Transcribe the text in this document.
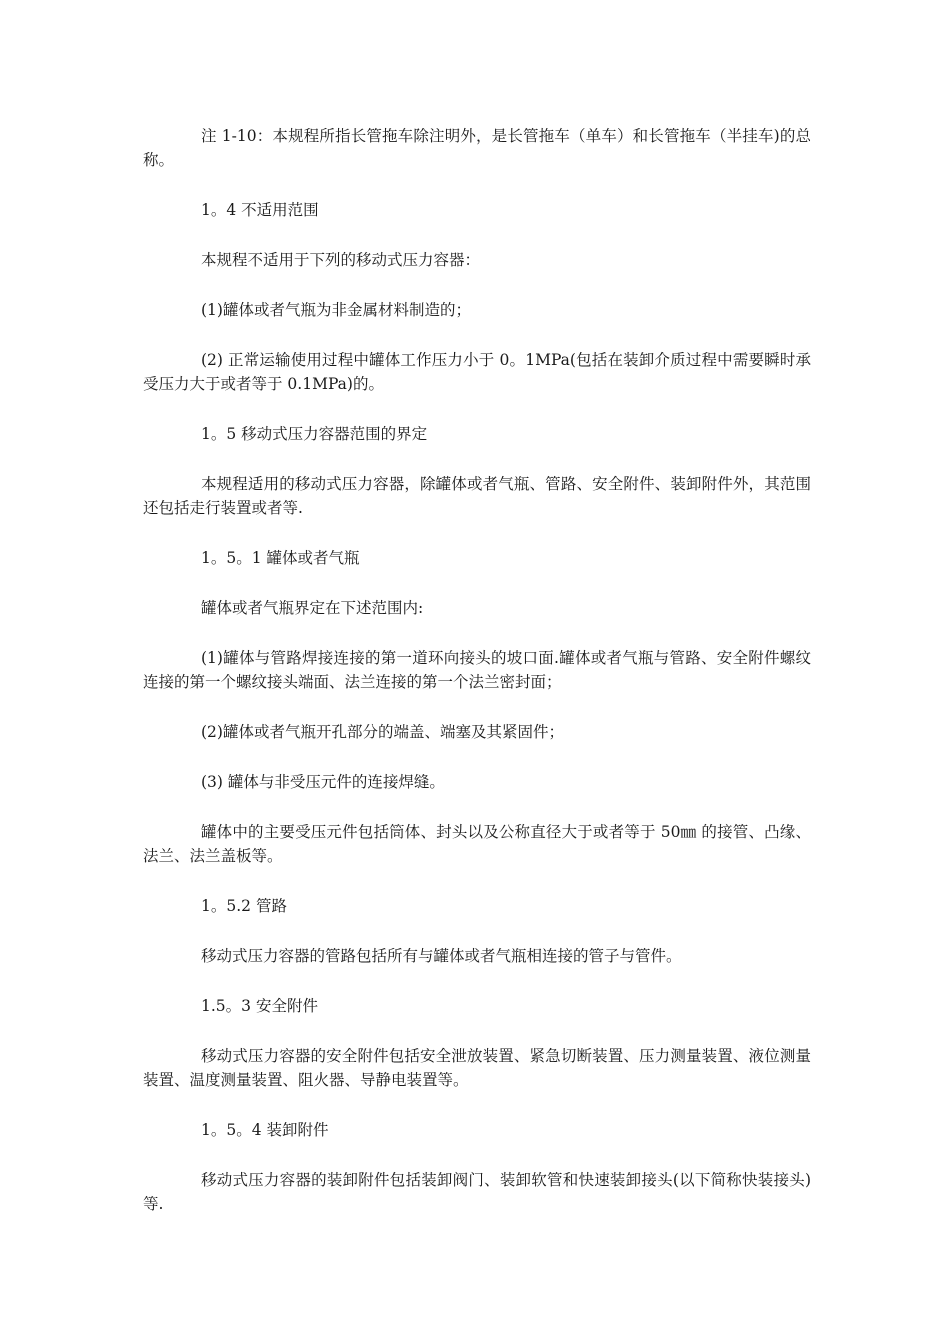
注 1-10：本规程所指长管拖车除注明外，是长管拖车（单车）和长管拖车（半挂车)的总称。

1。4 不适用范围

本规程不适用于下列的移动式压力容器：

(1)罐体或者气瓶为非金属材料制造的；

(2) 正常运输使用过程中罐体工作压力小于 0。1MPa(包括在装卸介质过程中需要瞬时承受压力大于或者等于 0.1MPa)的。

1。5 移动式压力容器范围的界定

本规程适用的移动式压力容器，除罐体或者气瓶、管路、安全附件、装卸附件外，其范围还包括走行装置或者等.

1。5。1 罐体或者气瓶

罐体或者气瓶界定在下述范围内:

(1)罐体与管路焊接连接的第一道环向接头的坡口面.罐体或者气瓶与管路、安全附件螺纹连接的第一个螺纹接头端面、法兰连接的第一个法兰密封面；

(2)罐体或者气瓶开孔部分的端盖、端塞及其紧固件；

(3) 罐体与非受压元件的连接焊缝。

罐体中的主要受压元件包括筒体、封头以及公称直径大于或者等于 50㎜ 的接管、凸缘、法兰、法兰盖板等。

1。5.2 管路

移动式压力容器的管路包括所有与罐体或者气瓶相连接的管子与管件。

1.5。3 安全附件

移动式压力容器的安全附件包括安全泄放装置、紧急切断装置、压力测量装置、液位测量装置、温度测量装置、阻火器、导静电装置等。

1。5。4 装卸附件

移动式压力容器的装卸附件包括装卸阀门、装卸软管和快速装卸接头(以下简称快装接头)等.
